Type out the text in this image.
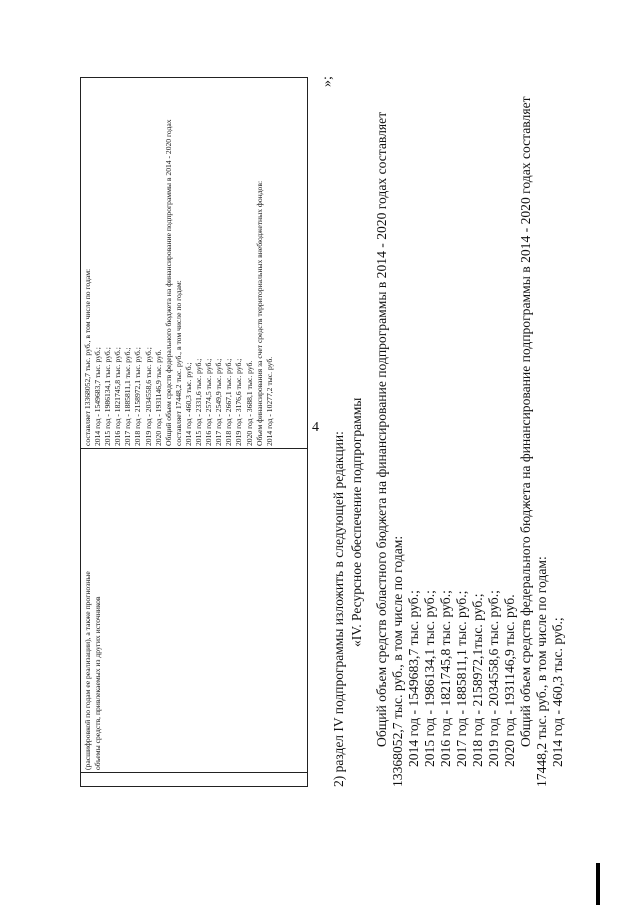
4
(расшифровкой по годам ее реализации), а также прогнозные объемы средств, привлекаемых из других источников
составляет 13368052,7 тыс. руб., в том числе по годам: 2014 год - 1549683,7 тыс. руб.; 2015 год - 1986134,1 тыс. руб.; 2016 год - 1821745,8 тыс. руб.; 2017 год - 1885811,1 тыс. руб.; 2018 год - 2158972,1 тыс. руб.; 2019 год - 2034558,6 тыс. руб.; 2020 год - 1931146,9 тыс. руб. Общий объем средств федерального бюджета на финансирование подпрограммы в 2014 - 2020 годах составляет 17448,2 тыс. руб., в том числе по годам: 2014 год - 460,3 тыс. руб.; 2015 год - 2331,6 тыс. руб.; 2016 год - 2574,5 тыс. руб.; 2017 год - 2549,9 тыс. руб.; 2018 год - 2667,1 тыс. руб.; 2019 год - 3176,6 тыс. руб.; 2020 год - 3688,1 тыс. руб. Объем финансирования за счет средств территориальных внебюджетных фондов: 2014 год - 10277,2 тыс. руб.
»;
2) раздел IV подпрограммы изложить в следующей редакции: «IV. Ресурсное обеспечение подпрограммы Общий объем средств областного бюджета на финансирование подпрограммы в 2014 - 2020 годах составляет 13368052,7 тыс. руб., в том числе по годам: 2014 год - 1549683,7 тыс. руб.; 2015 год - 1986134,1 тыс. руб.; 2016 год - 1821745,8 тыс. руб.; 2017 год - 1885811,1 тыс. руб.; 2018 год - 2158972,1тыс. руб.; 2019 год - 2034558,6 тыс. руб.; 2020 год - 1931146,9 тыс. руб. Общий объем средств федерального бюджета на финансирование подпрограммы в 2014 - 2020 годах составляет 17448,2 тыс. руб., в том числе по годам: 2014 год - 460,3 тыс. руб.;
